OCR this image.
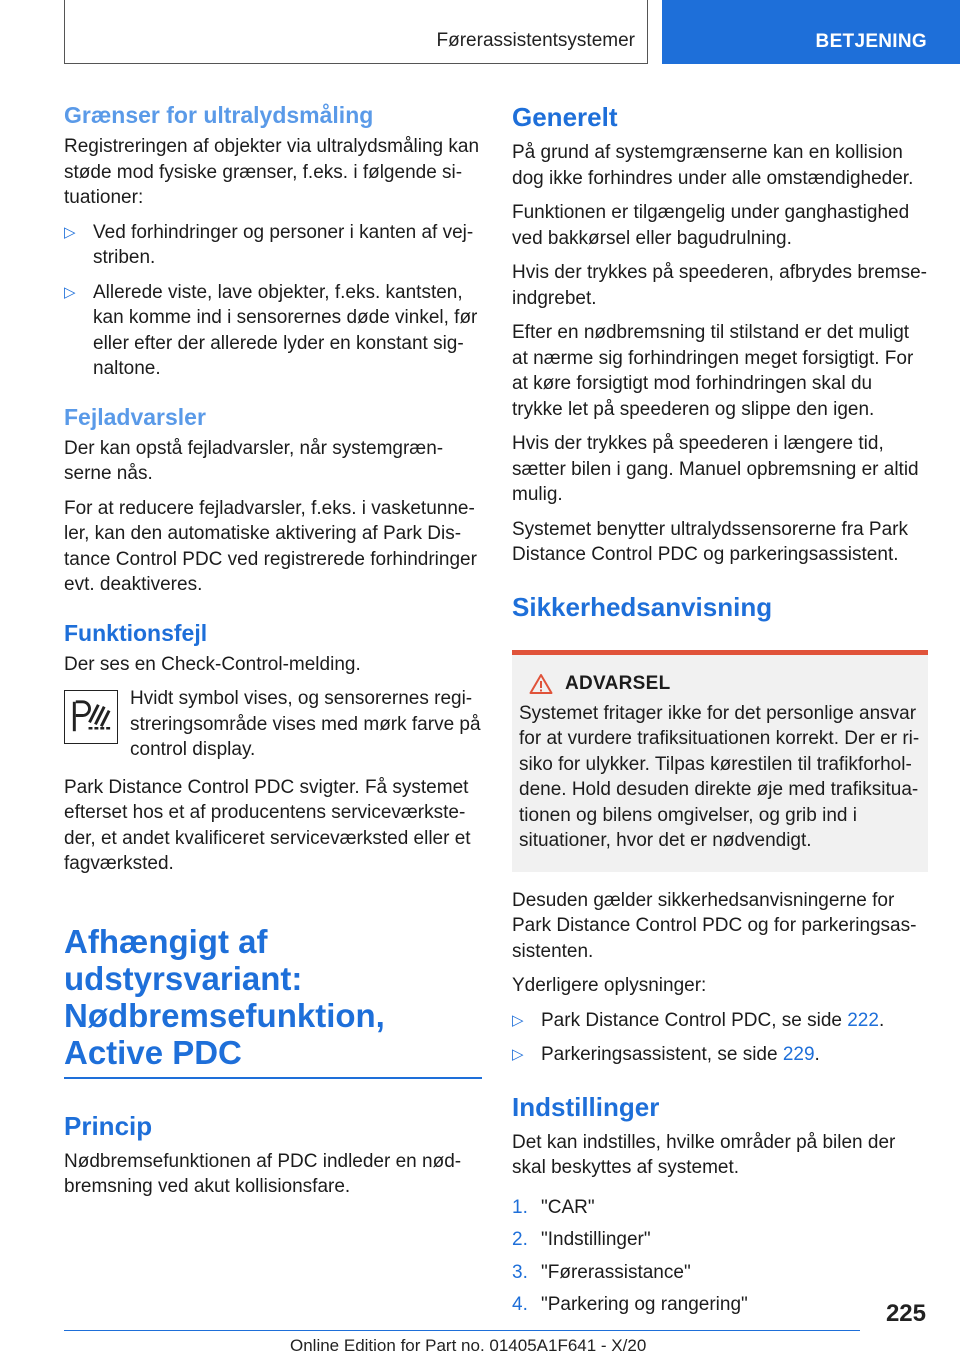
Førerassistentsystemer	BETJENING
Grænser for ultralydsmåling

Registreringen af objekter via ultralydsmåling kan støde mod fysiske grænser, f.eks. i følgende si-tuationer:

▷ Ved forhindringer og personer i kanten af vej-striben.
▷ Allerede viste, lave objekter, f.eks. kantsten, kan komme ind i sensorernes døde vinkel, før eller efter der allerede lyder en konstant sig-naltone.
Fejladvarsler

Der kan opstå fejladvarsler, når systemgræn-serne nås.

For at reducere fejladvarsler, f.eks. i vasketunne-ler, kan den automatiske aktivering af Park Dis-tance Control PDC ved registrerede forhindringer evt. deaktiveres.

Funktionsfejl

Der ses en Check-Control-melding.

Hvidt symbol vises, og sensorernes regi-streringsområde vises med mørk farve på control display.

Park Distance Control PDC svigter. Få systemet efterset hos et af producentens serviceværkste-der, et andet kvalificeret serviceværksted eller et fagværksted.

Afhængigt af udstyrsvariant: Nødbremsefunktion, Active PDC
Princip

Nødbremsefunktionen af PDC indleder en nød-bremsning ved akut kollisionsfare.

Generelt

På grund af systemgrænserne kan en kollision dog ikke forhindres under alle omstændigheder.

Funktionen er tilgængelig under ganghastighed ved bakkørsel eller bagudrulning.

Hvis der trykkes på speederen, afbrydes bremse-indgrebet.

Efter en nødbremsning til stilstand er det muligt at nærme sig forhindringen meget forsigtigt. For at køre forsigtigt mod forhindringen skal du trykke let på speederen og slippe den igen.

Hvis der trykkes på speederen i længere tid, sætter bilen i gang. Manuel opbremsning er altid mulig.

Systemet benytter ultralydssensorerne fra Park Distance Control PDC og parkeringsassistent.

Sikkerhedsanvisning
ADVARSEL

Systemet fritager ikke for det personlige ansvar for at vurdere trafiksituationen korrekt. Der er ri-siko for ulykker. Tilpas kørestilen til trafikforhol-dene. Hold desuden direkte øje med trafiksitua-tionen og bilens omgivelser, og grib ind i situationer, hvor det er nødvendigt.

Desuden gælder sikkerhedsanvisningerne for Park Distance Control PDC og for parkeringsas-sistenten.

Yderligere oplysninger:

▷ Park Distance Control PDC, se side 222.
▷ Parkeringsassistent, se side 229.
Indstillinger

Det kan indstilles, hvilke områder på bilen der skal beskyttes af systemet.

1. "CAR"
2. "Indstillinger"
3. "Førerassistance"
4. "Parkering og rangering"	225
Online Edition for Part no. 01405A1F641 - X/20
